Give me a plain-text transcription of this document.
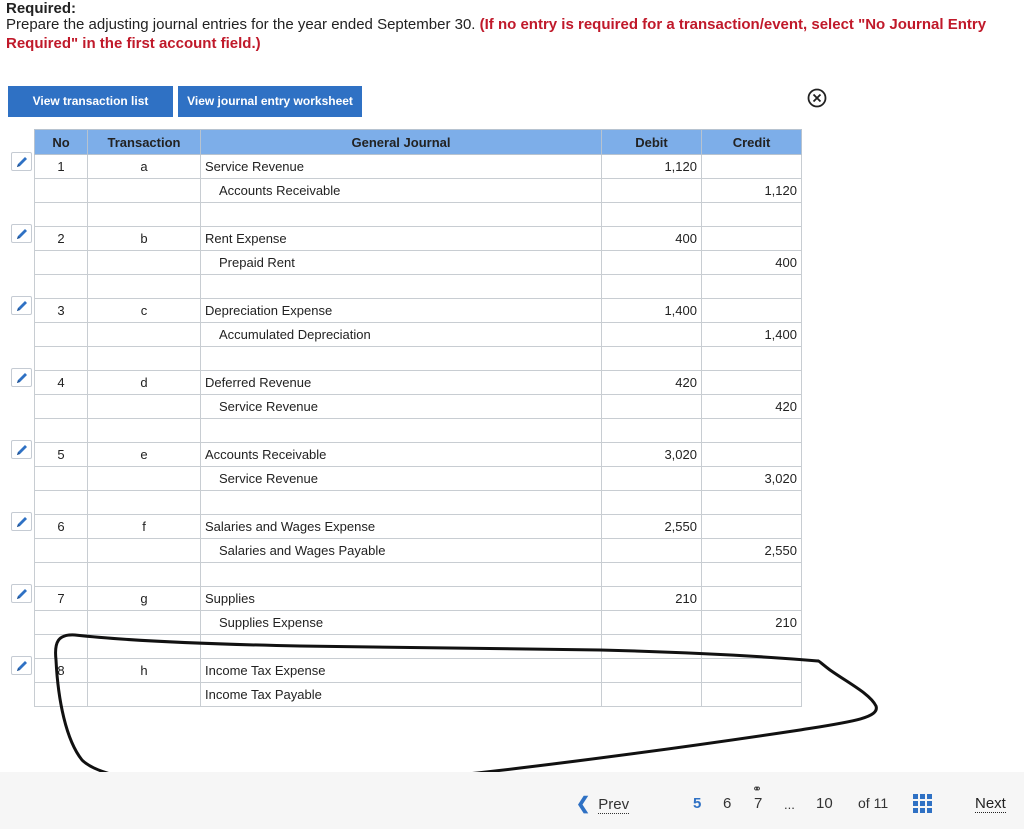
Required:
Prepare the adjusting journal entries for the year ended September 30. (If no entry is required for a transaction/event, select "No Journal Entry Required" in the first account field.)
View transaction list	View journal entry worksheet
No	Transaction	General Journal	Debit	Credit
1	a	Service Revenue	1,120	
		Accounts Receivable		1,120

2	b	Rent Expense	400	
		Prepaid Rent		400

3	c	Depreciation Expense	1,400	
		Accumulated Depreciation		1,400

4	d	Deferred Revenue	420	
		Service Revenue		420

5	e	Accounts Receivable	3,020	
		Service Revenue		3,020

6	f	Salaries and Wages Expense	2,550	
		Salaries and Wages Payable		2,550

7	g	Supplies	210	
		Supplies Expense		210

8	h	Income Tax Expense		
		Income Tax Payable		
❮ Prev	5 6 7
⚭
... 10 of 11	Next
